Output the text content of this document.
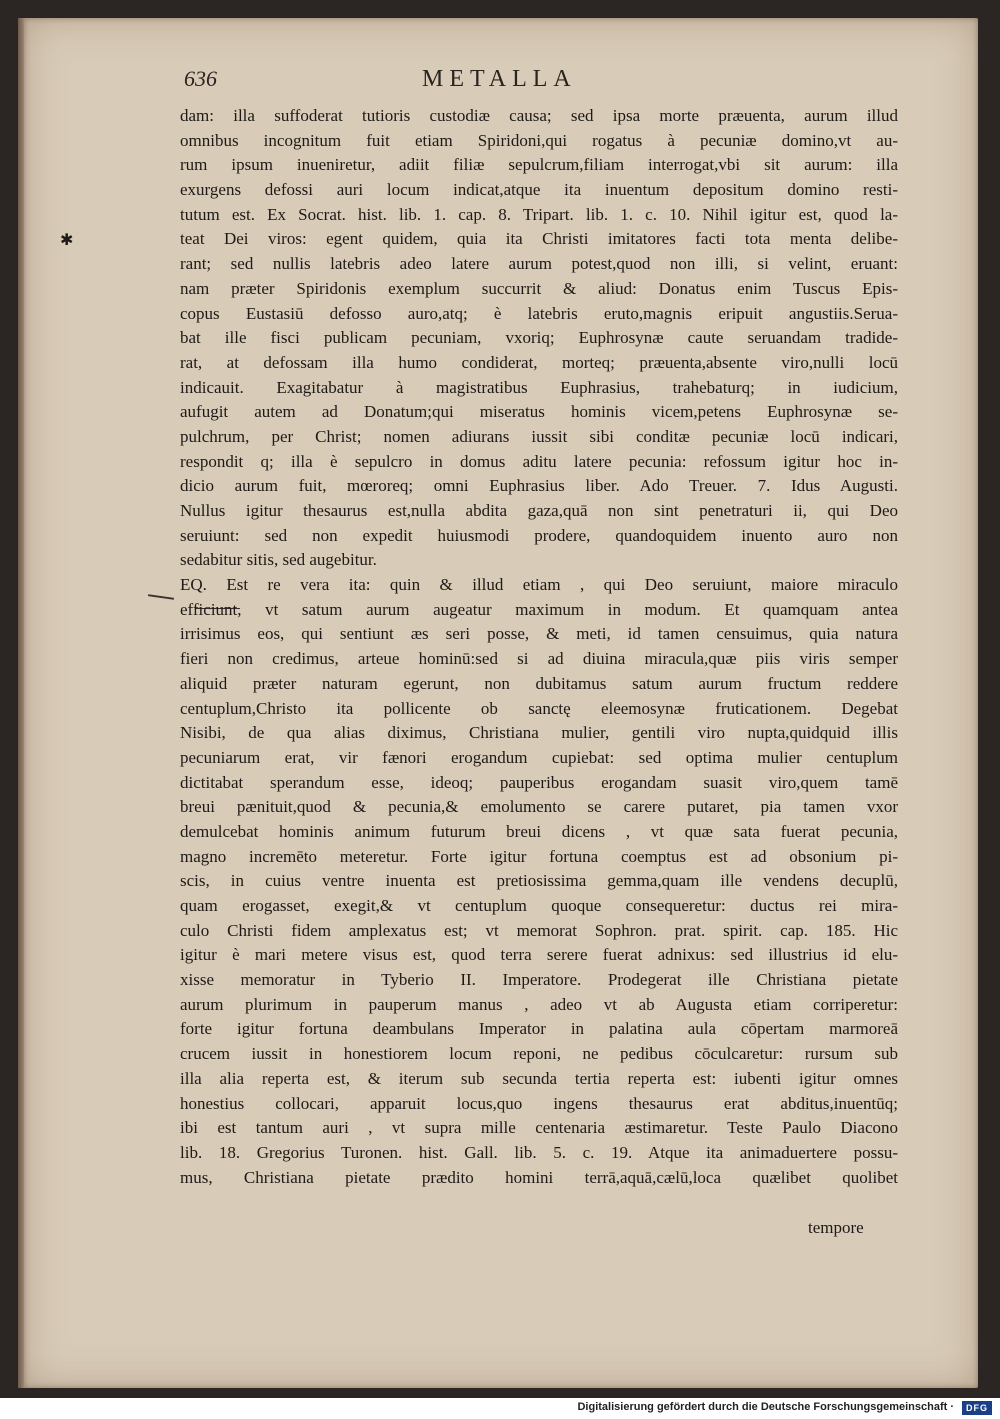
636	METALLA
✱
dam: illa suffoderat tutioris custodiæ causa; sed ipsa morte præuenta, aurum illud
omnibus incognitum fuit etiam Spiridoni,qui rogatus à pecuniæ domino,vt au-
rum ipsum inueniretur, adiit filiæ sepulcrum,filiam interrogat,vbi sit aurum: illa
exurgens defossi auri locum indicat,atque ita inuentum depositum domino resti-
tutum est. Ex Socrat. hist. lib. 1. cap. 8. Tripart. lib. 1. c. 10. Nihil igitur est, quod la-
teat Dei viros: egent quidem, quia ita Christi imitatores facti tota menta delibe-
rant; sed nullis latebris adeo latere aurum potest,quod non illi, si velint, eruant:
nam præter Spiridonis exemplum succurrit & aliud: Donatus enim Tuscus Epis-
copus Eustasiū defosso auro,atq; è latebris eruto,magnis eripuit angustiis.Serua-
bat ille fisci publicam pecuniam, vxoriq; Euphrosynæ caute seruandam tradide-
rat, at defossam illa humo condiderat, morteq; præuenta,absente viro,nulli locū
indicauit. Exagitabatur à magistratibus Euphrasius, trahebaturq; in iudicium,
aufugit autem ad Donatum;qui miseratus hominis vicem,petens Euphrosynæ se-
pulchrum, per Christ; nomen adiurans iussit sibi conditæ pecuniæ locū indicari,
respondit q; illa è sepulcro in domus aditu latere pecunia: refossum igitur hoc in-
dicio aurum fuit, mœroreq; omni Euphrasius liber. Ado Treuer. 7. Idus Augusti.
Nullus igitur thesaurus est,nulla abdita gaza,quā non sint penetraturi ii, qui Deo
seruiunt: sed non expedit huiusmodi prodere, quandoquidem inuento auro non
sedabitur sitis, sed augebitur.
EQ. Est re vera ita: quin & illud etiam , qui Deo seruiunt, maiore miraculo
efficiunt, vt satum aurum augeatur maximum in modum. Et quamquam antea
irrisimus eos, qui sentiunt æs seri posse, & meti, id tamen censuimus, quia natura
fieri non credimus, arteue hominū:sed si ad diuina miracula,quæ piis viris semper
aliquid præter naturam egerunt, non dubitamus satum aurum fructum reddere
centuplum,Christo ita pollicente ob sanctę eleemosynæ fruticationem. Degebat
Nisibi, de qua alias diximus, Christiana mulier, gentili viro nupta,quidquid illis
pecuniarum erat, vir fænori erogandum cupiebat: sed optima mulier centuplum
dictitabat sperandum esse, ideoq; pauperibus erogandam suasit viro,quem tamē
breui pænituit,quod & pecunia,& emolumento se carere putaret, pia tamen vxor
demulcebat hominis animum futurum breui dicens , vt quæ sata fuerat pecunia,
magno incremēto meteretur. Forte igitur fortuna coemptus est ad obsonium pi-
scis, in cuius ventre inuenta est pretiosissima gemma,quam ille vendens decuplū,
quam erogasset, exegit,& vt centuplum quoque consequeretur: ductus rei mira-
culo Christi fidem amplexatus est; vt memorat Sophron. prat. spirit. cap. 185. Hic
igitur è mari metere visus est, quod terra serere fuerat adnixus: sed illustrius id elu-
xisse memoratur in Tyberio II. Imperatore. Prodegerat ille Christiana pietate
aurum plurimum in pauperum manus , adeo vt ab Augusta etiam corriperetur:
forte igitur fortuna deambulans Imperator in palatina aula cōpertam marmoreā
crucem iussit in honestiorem locum reponi, ne pedibus cōculcaretur: rursum sub
illa alia reperta est, & iterum sub secunda tertia reperta est: iubenti igitur omnes
honestius collocari, apparuit locus,quo ingens thesaurus erat abditus,inuentūq;
ibi est tantum auri , vt supra mille centenaria æstimaretur. Teste Paulo Diacono
lib. 18. Gregorius Turonen. hist. Gall. lib. 5. c. 19. Atque ita animaduertere possu-
mus, Christiana pietate prædito homini terrā,aquā,cælū,loca quælibet quolibet
tempore
Digitalisierung gefördert durch die Deutsche Forschungsgemeinschaft ·	DFG
